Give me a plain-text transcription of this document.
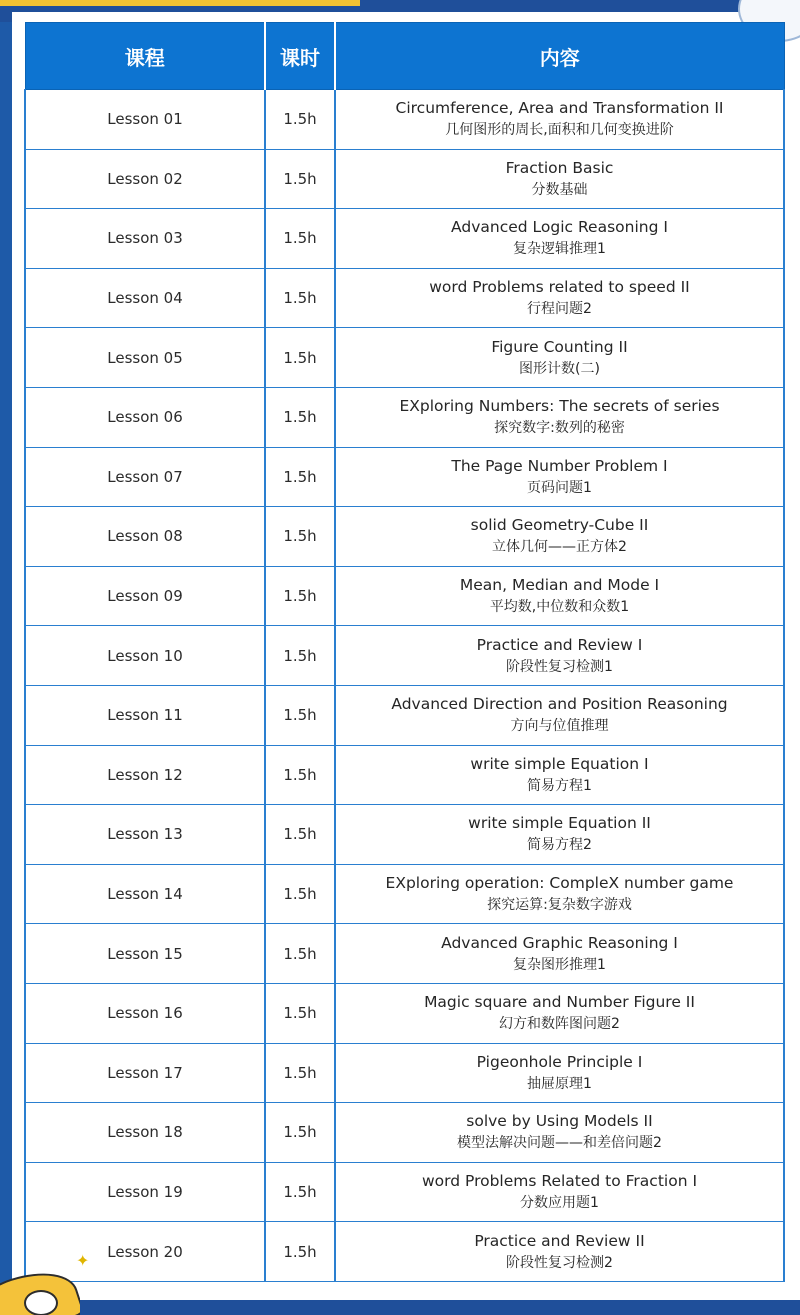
课程	课时	内容
Lesson 01	1.5h	Circumference, Area and Transformation II
几何图形的周长,面积和几何变换进阶

Lesson 02	1.5h	Fraction Basic
分数基础

Lesson 03	1.5h	Advanced Logic Reasoning I
复杂逻辑推理1

Lesson 04	1.5h	word Problems related to speed II
行程问题2

Lesson 05	1.5h	Figure Counting II
图形计数(二)

Lesson 06	1.5h	EXploring Numbers: The secrets of series
探究数字:数列的秘密

Lesson 07	1.5h	The Page Number Problem I
页码问题1

Lesson 08	1.5h	solid Geometry-Cube II
立体几何——正方体2

Lesson 09	1.5h	Mean, Median and Mode I
平均数,中位数和众数1

Lesson 10	1.5h	Practice and Review I
阶段性复习检测1

Lesson 11	1.5h	Advanced Direction and Position Reasoning
方向与位值推理

Lesson 12	1.5h	write simple Equation I
简易方程1

Lesson 13	1.5h	write simple Equation II
简易方程2

Lesson 14	1.5h	EXploring operation: CompleX number game
探究运算:复杂数字游戏

Lesson 15	1.5h	Advanced Graphic Reasoning I
复杂图形推理1

Lesson 16	1.5h	Magic square and Number Figure II
幻方和数阵图问题2

Lesson 17	1.5h	Pigeonhole Principle I
抽屉原理1

Lesson 18	1.5h	solve by Using Models II
模型法解决问题——和差倍问题2

Lesson 19	1.5h	word Problems Related to Fraction I
分数应用题1

Lesson 20	1.5h	Practice and Review II
阶段性复习检测2
✦
